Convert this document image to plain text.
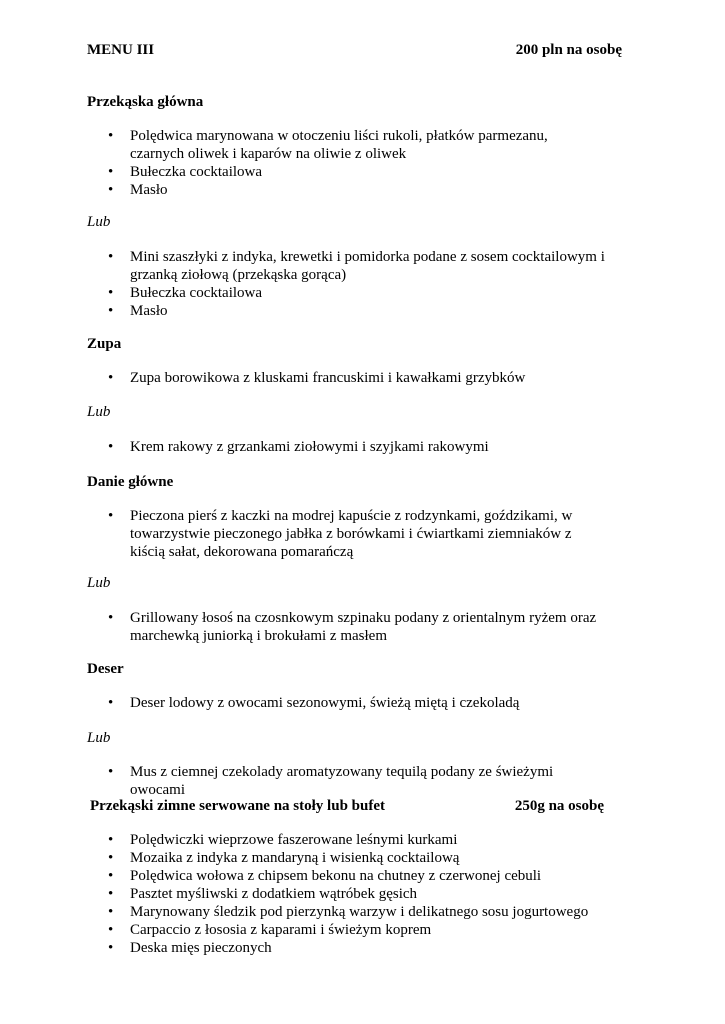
MENU III	200 pln na osobę
Przekąska główna
• Polędwica marynowana w otoczeniu liści rukoli, płatków parmezanu, czarnych oliwek i kaparów na oliwie z oliwek
• Bułeczka cocktailowa
• Masło
Lub
• Mini szaszłyki z indyka, krewetki i pomidorka podane z sosem cocktailowym i grzanką ziołową (przekąska gorąca)
• Bułeczka cocktailowa
• Masło
Zupa
• Zupa borowikowa z kluskami francuskimi i kawałkami grzybków
Lub
• Krem rakowy z grzankami ziołowymi i szyjkami rakowymi
Danie główne
• Pieczona pierś z kaczki na modrej kapuście z rodzynkami, goździkami, w towarzystwie pieczonego jabłka z borówkami i ćwiartkami ziemniaków z kiścią sałat, dekorowana pomarańczą
Lub
• Grillowany łosoś na czosnkowym szpinaku podany z orientalnym ryżem oraz marchewką juniorką i brokułami z masłem
Deser
• Deser lodowy z owocami sezonowymi, świeżą miętą i czekoladą
Lub
• Mus z ciemnej czekolady aromatyzowany tequilą podany ze świeżymi owocami
Przekąski zimne serwowane na stoły lub bufet	250g na osobę
• Polędwiczki wieprzowe faszerowane leśnymi kurkami
• Mozaika z indyka z mandaryną i wisienką cocktailową
• Polędwica wołowa z chipsem bekonu na chutney z czerwonej cebuli
• Pasztet myśliwski z dodatkiem wątróbek gęsich
• Marynowany śledzik pod pierzynką warzyw i delikatnego sosu jogurtowego
• Carpaccio z łososia z kaparami i świeżym koprem
• Deska mięs pieczonych
